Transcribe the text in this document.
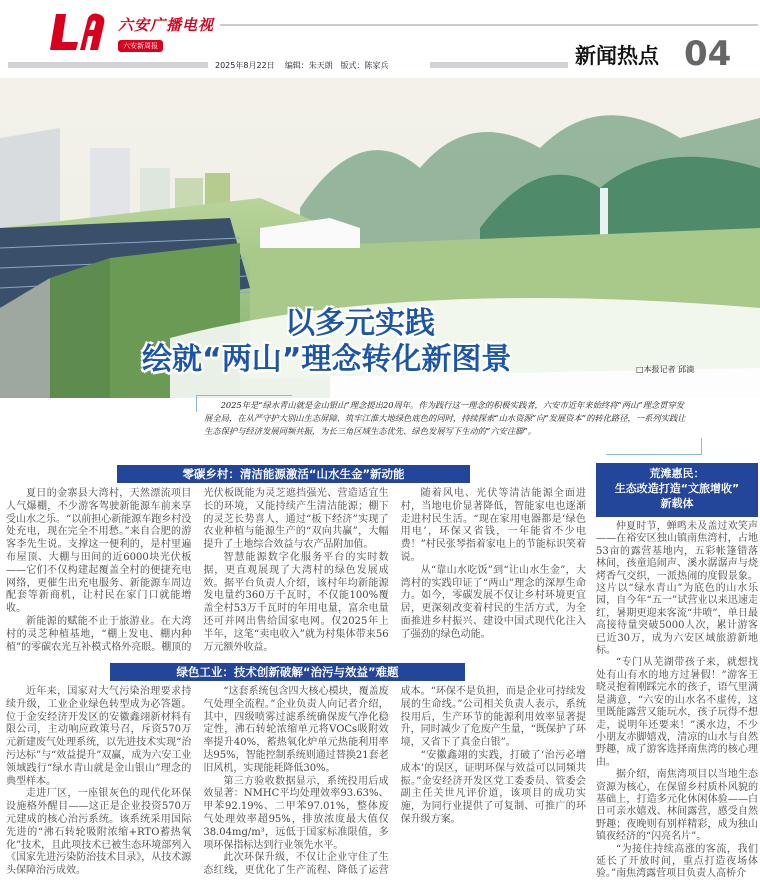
六安广播电视
六安新周报
2025年8月22日 编辑：朱天朗 版式：陈家兵	新闻热点 04
以多元实践
绘就“两山”理念转化新图景	□本报记者 邱滴
2025年是“绿水青山就是金山银山”理念提出20周年。作为践行这一理念的积极实践者，六安市近年来始终将“两山”理念贯穿发展全局，在从严守护大别山生态屏障、筑牢江淮大地绿色底色的同时，持续探索“山水资源”向“发展资本”的转化路径，一系列实践让生态保护与经济发展同频共振，为长三角区域生态优先、绿色发展写下生动的“六安注脚”。
零碳乡村：清洁能源激活“山水生金”新动能

夏日的金寨县大湾村，天然漂流项目人气爆棚，不少游客驾驶新能源车前来享受山水之乐。“以前担心新能源车跑乡村没处充电，现在完全不用愁。”来自合肥的游客李先生说。支撑这一便利的，是村里遍布屋顶、大棚与田间的近6000块光伏板——它们不仅构建起覆盖全村的便捷充电网络，更催生出充电服务、新能源车周边配套等新商机，让村民在家门口就能增收。

新能源的赋能不止于旅游业。在大湾村的灵芝种植基地，“棚上发电、棚内种植”的零碳农光互补模式格外亮眼。棚顶的光伏板既能为灵芝遮挡强光、营造适宜生长的环境，又能持续产生清洁能源；棚下的灵芝长势喜人，通过“板下经济”实现了农业种植与能源生产的“双向共赢”，大幅提升了土地综合效益与农产品附加值。

智慧能源数字化服务平台的实时数据，更直观展现了大湾村的绿色发展成效。据平台负责人介绍，该村年均新能源发电量约360万千瓦时，不仅能100%覆盖全村53万千瓦时的年用电量，富余电量还可并网出售给国家电网。仅2025年上半年，这笔“卖电收入”就为村集体带来56万元额外收益。

随着风电、光伏等清洁能源全面进村，当地电价显著降低，智能家电也逐渐走进村民生活。“现在家用电器都是‘绿色用电’，环保又省钱，一年能省不少电费！”村民张琴指着家电上的节能标识笑着说。

从“靠山水吃饭”到“让山水生金”，大湾村的实践印证了“两山”理念的深厚生命力。如今，零碳发展不仅让乡村环境更宜居，更深刻改变着村民的生活方式，为全面推进乡村振兴、建设中国式现代化注入了强劲的绿色动能。

绿色工业：技术创新破解“治污与效益”难题

近年来，国家对大气污染治理要求持续升级，工业企业绿色转型成为必答题。位于金安经济开发区的安徽鑫翊新材料有限公司，主动响应政策号召，斥资570万元新建废气处理系统，以先进技术实现“治污达标”与“效益提升”双赢，成为六安工业领域践行“绿水青山就是金山银山”理念的典型样本。

走进厂区，一座银灰色的现代化环保设施格外醒目——这正是企业投资570万元建成的核心治污系统。该系统采用国际先进的“沸石转轮吸附浓缩+RTO蓄热氧化”技术，且此项技术已被生态环境部列入《国家先进污染防治技术目录》，从技术源头保障治污成效。

“这套系统包含四大核心模块，覆盖废气处理全流程。”企业负责人向记者介绍，其中，四级喷雾过滤系统确保废气净化稳定性，沸石转轮浓缩单元将VOCs吸附效率提升40%，蓄热氧化炉单元热能利用率达95%，智能控制系统则通过替换21套老旧风机，实现能耗降低30%。

第三方验收数据显示，系统投用后成效显著：NMHC平均处理效率93.63%、甲苯92.19%、二甲苯97.01%，整体废气处理效率超95%，排放浓度最大值仅38.04mg/m³，远低于国家标准限值，多项环保指标达到行业领先水平。

此次环保升级，不仅让企业守住了生态红线，更优化了生产流程、降低了运营成本。“环保不是负担，而是企业可持续发展的生命线。”公司相关负责人表示，系统投用后，生产环节的能源利用效率显著提升，同时减少了危废产生量，“既保护了环境，又省下了真金白银”。

“安徽鑫翊的实践，打破了‘治污必增成本’的误区，证明环保与效益可以同频共振。”金安经济开发区党工委委员、管委会副主任关世凡评价道，该项目的成功实施，为同行业提供了可复制、可推广的环保升级方案。

荒滩惠民：
生态改造打造“文旅增收”
新载体

仲夏时节，蝉鸣未及盖过欢笑声——在裕安区独山镇南焦湾村，占地53亩的露营基地内，五彩帐篷错落林间，孩童追闹声、溪水潺潺声与烧烤香气交织，一派热闹的度假景象。这片以“绿水青山”为底色的山水乐园，自今年“五一”试营业以来迅速走红，暑期更迎来客流“井喷”，单日最高接待量突破5000人次，累计游客已近30万，成为六安区域旅游新地标。

“专门从芜湖带孩子来，就想找处有山有水的地方过暑假！”游客王晓灵抱着刚踩完水的孩子，语气里满是满意，“六安的山水名不虚传，这里既能露营又能玩水，孩子玩得不想走，说明年还要来！”溪水边，不少小朋友赤脚嬉戏，清凉的山水与自然野趣，成了游客选择南焦湾的核心理由。

据介绍，南焦湾项目以当地生态资源为核心，在保留乡村质朴风貌的基础上，打造多元化休闲体验——白日可亲水嬉戏、林间露营，感受自然野趣；夜晚则有别样精彩，成为独山镇夜经济的“闪亮名片”。

“为接住持续高涨的客流，我们延长了开放时间，重点打造夜场体验。”南焦湾露营项目负责人高桥介
